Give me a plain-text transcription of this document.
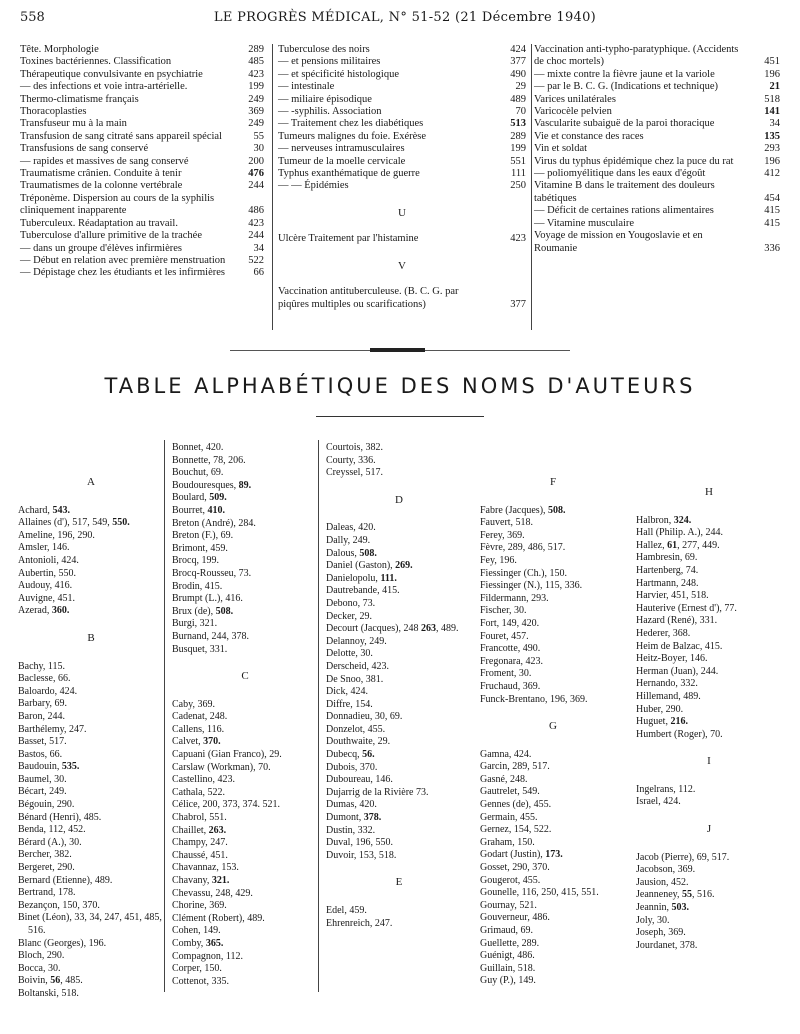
558	LE PROGRÈS MÉDICAL, N° 51-52 (21 Décembre 1940)
Tête. Morphologie	289
Toxines bactériennes. Classification	485
Thérapeutique convulsivante en psychiatrie	423
— des infections et voie intra-artérielle.	199
Thermo-climatisme français	249
Thoracoplasties	369
Transfuseur mu à la main	249
Transfusion de sang citraté sans appareil spécial	55
Transfusions de sang conservé	30
— rapides et massives de sang conservé	200
Traumatisme crânien. Conduite à tenir	476
Traumatismes de la colonne vertébrale	244
Tréponème. Dispersion au cours de la syphilis cliniquement inapparente	486
Tuberculeux. Réadaptation au travail.	423
Tuberculose d'allure primitive de la trachée	244
— dans un groupe d'élèves infirmières	34
— Début en relation avec première menstruation	522
— Dépistage chez les étudiants et les infirmières	66
Tuberculose des noirs	424
— et pensions militaires	377
— et spécificité histologique	490
— intestinale	29
— miliaire épisodique	489
— -syphilis. Association	70
— Traitement chez les diabétiques	513
Tumeurs malignes du foie. Exérèse	289
— nerveuses intramusculaires	199
Tumeur de la moelle cervicale	551
Typhus exanthématique de guerre	111
— — Épidémies	250
U
Ulcère Traitement par l'histamine	423
V
Vaccination antituberculeuse. (B. C. G. par piqûres multiples ou scarifications)	377
Vaccination anti-typho-paratyphique. (Accidents de choc mortels)	451
— mixte contre la fièvre jaune et la variole	196
— par le B. C. G. (Indications et technique)	21
Varices unilatérales	518
Varicocèle pelvien	141
Vascularite subaiguë de la paroi thoracique	34
Vie et constance des races	135
Vin et soldat	293
Virus du typhus épidémique chez la puce du rat	196
— poliomyélitique dans les eaux d'égoût	412
Vitamine B dans le traitement des douleurs tabétiques	454
— Déficit de certaines rations alimentaires	415
— Vitamine musculaire	415
Voyage de mission en Yougoslavie et en Roumanie	336
TABLE ALPHABÉTIQUE DES NOMS D'AUTEURS
A
Achard, 543.
Allaines (d'), 517, 549, 550.
Ameline, 196, 290.
Amsler, 146.
Antonioli, 424.
Aubertin, 550.
Audouy, 416.
Auvigne, 451.
Azerad, 360.
B
Bachy, 115.
Baclesse, 66.
Baloardo, 424.
Barbary, 69.
Baron, 244.
Barthélemy, 247.
Basset, 517.
Bastos, 66.
Baudouin, 535.
Baumel, 30.
Bécart, 249.
Bégouin, 290.
Bénard (Henri), 485.
Benda, 112, 452.
Bérard (A.), 30.
Bercher, 382.
Bergeret, 290.
Bernard (Etienne), 489.
Bertrand, 178.
Bezançon, 150, 370.
Binet (Léon), 33, 34, 247, 451, 485, 516.
Blanc (Georges), 196.
Bloch, 290.
Bocca, 30.
Boivin, 56, 485.
Boltanski, 518.
Bonnet, 420.
Bonnette, 78, 206.
Bouchut, 69.
Boudouresques, 89.
Boulard, 509.
Bourret, 410.
Breton (André), 284.
Breton (F.), 69.
Brimont, 459.
Brocq, 199.
Brocq-Rousseu, 73.
Brodin, 415.
Brumpt (L.), 416.
Brux (de), 508.
Burgi, 321.
Burnand, 244, 378.
Busquet, 331.
C
Caby, 369.
Cadenat, 248.
Callens, 116.
Calvet, 370.
Capuani (Gian Franco), 29.
Carslaw (Workman), 70.
Castellino, 423.
Cathala, 522.
Célice, 200, 373, 374. 521.
Chabrol, 551.
Chaillet, 263.
Champy, 247.
Chaussé, 451.
Chavannaz, 153.
Chavany, 321.
Chevassu, 248, 429.
Chorine, 369.
Clément (Robert), 489.
Cohen, 149.
Comby, 365.
Compagnon, 112.
Corper, 150.
Cottenot, 335.
Courtois, 382.
Courty, 336.
Creyssel, 517.
D
Daleas, 420.
Dally, 249.
Dalous, 508.
Daniel (Gaston), 269.
Danielopolu, 111.
Dautrebande, 415.
Debono, 73.
Decker, 29.
Decourt (Jacques), 248 263, 489.
Delannoy, 249.
Delotte, 30.
Derscheid, 423.
De Snoo, 381.
Dick, 424.
Diffre, 154.
Donnadieu, 30, 69.
Donzelot, 455.
Douthwaite, 29.
Dubecq, 56.
Dubois, 370.
Duboureau, 146.
Dujarrig de la Rivière 73.
Dumas, 420.
Dumont, 378.
Dustin, 332.
Duval, 196, 550.
Duvoir, 153, 518.
E
Edel, 459.
Ehrenreich, 247.
F
Fabre (Jacques), 508.
Fauvert, 518.
Ferey, 369.
Fèvre, 289, 486, 517.
Fey, 196.
Fiessinger (Ch.), 150.
Fiessinger (N.), 115, 336.
Fildermann, 293.
Fischer, 30.
Fort, 149, 420.
Fouret, 457.
Francotte, 490.
Fregonara, 423.
Froment, 30.
Fruchaud, 369.
Funck-Brentano, 196, 369.
G
Gamna, 424.
Garcin, 289, 517.
Gasné, 248.
Gautrelet, 549.
Gennes (de), 455.
Germain, 455.
Gernez, 154, 522.
Graham, 150.
Godart (Justin), 173.
Gosset, 290, 370.
Gougerot, 455.
Gounelle, 116, 250, 415, 551.
Gournay, 521.
Gouverneur, 486.
Grimaud, 69.
Guellette, 289.
Guénigt, 486.
Guillain, 518.
Guy (P.), 149.
H
Halbron, 324.
Hall (Philip. A.), 244.
Hallez, 61, 277, 449.
Hambresin, 69.
Hartenberg, 74.
Hartmann, 248.
Harvier, 451, 518.
Hauterive (Ernest d'), 77.
Hazard (René), 331.
Hederer, 368.
Heim de Balzac, 415.
Heitz-Boyer, 146.
Herman (Juan), 244.
Hernando, 332.
Hillemand, 489.
Huber, 290.
Huguet, 216.
Humbert (Roger), 70.
I
Ingelrans, 112.
Israel, 424.
J
Jacob (Pierre), 69, 517.
Jacobson, 369.
Jausion, 452.
Jeanneney, 55, 516.
Jeannin, 503.
Joly, 30.
Joseph, 369.
Jourdanet, 378.
